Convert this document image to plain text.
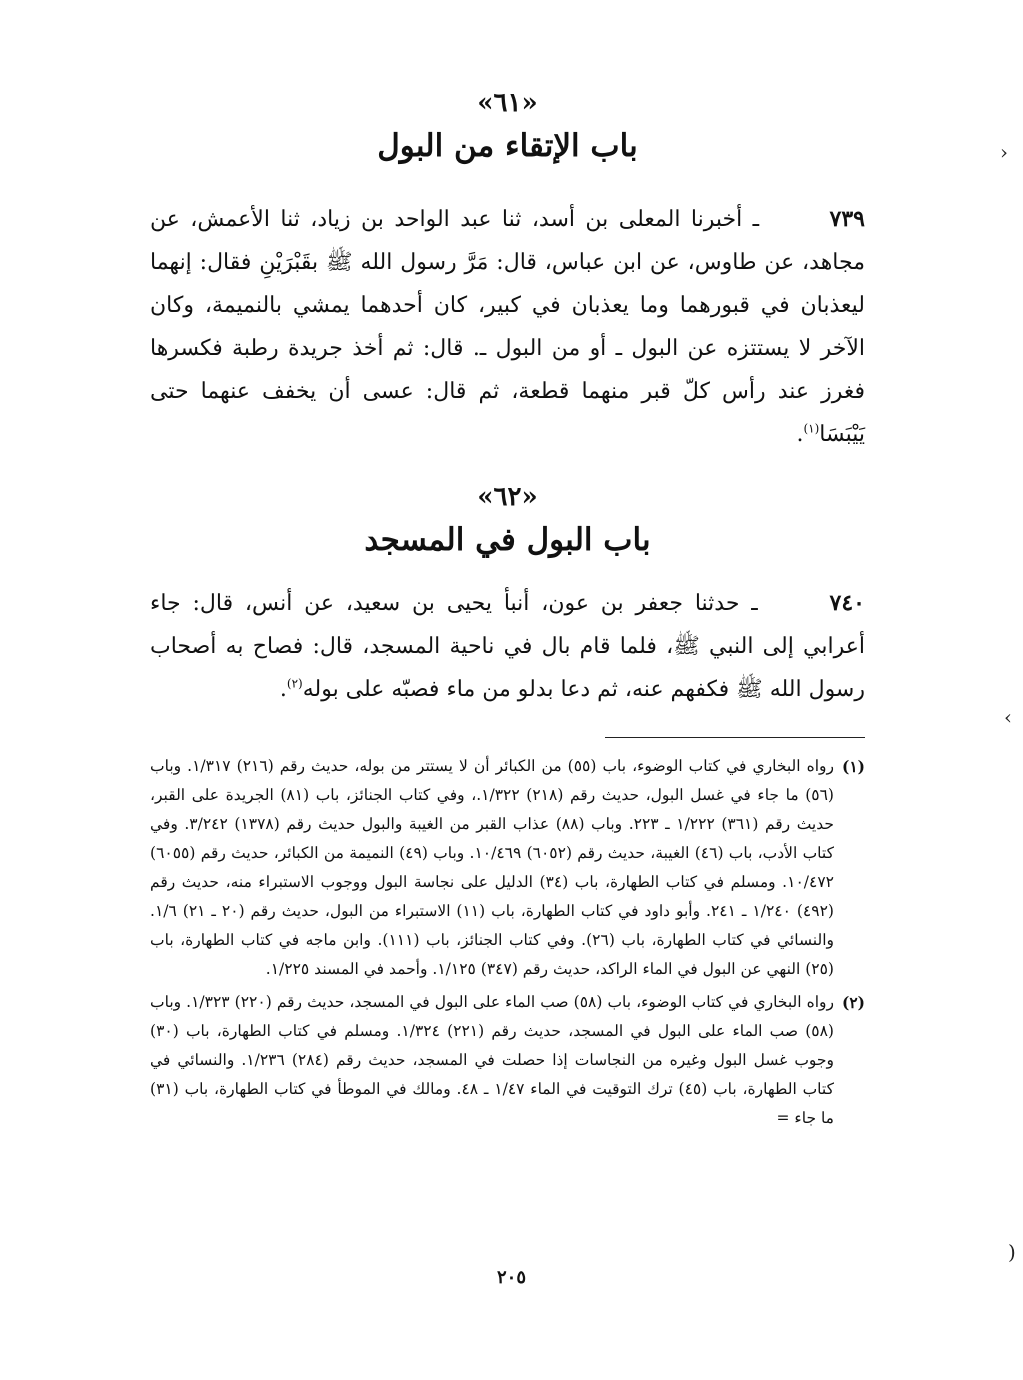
«٦١»
باب الإتقاء من البول

٧٣٩ ـ أخبرنا المعلى بن أسد، ثنا عبد الواحد بن زياد، ثنا الأعمش، عن مجاهد، عن طاوس، عن ابن عباس، قال: مَرَّ رسول الله ﷺ بقَبْرَيْنِ فقال: إنهما ليعذبان في قبورهما وما يعذبان في كبير، كان أحدهما يمشي بالنميمة، وكان الآخر لا يستتزه عن البول ـ أو من البول ـ. قال: ثم أخذ جريدة رطبة فكسرها فغرز عند رأس كلّ قبر منهما قطعة، ثم قال: عسى أن يخفف عنهما حتى يَيْبَسَا$^{(١)}$.

«٦٢»
باب البول في المسجد

٧٤٠ ـ حدثنا جعفر بن عون، أنبأ يحيى بن سعيد، عن أنس، قال: جاء أعرابي إلى النبي ﷺ، فلما قام بال في ناحية المسجد، قال: فصاح به أصحاب رسول الله ﷺ فكفهم عنه، ثم دعا بدلو من ماء فصبّه على بوله$^{(٢)}$.

(١)
رواه البخاري في كتاب الوضوء، باب (٥٥) من الكبائر أن لا يستتر من بوله، حديث رقم (٢١٦) ١/٣١٧. وباب (٥٦) ما جاء في غسل البول، حديث رقم (٢١٨) ١/٣٢٢.، وفي كتاب الجنائز، باب (٨١) الجريدة على القبر، حديث رقم (٣٦١) ١/٢٢٢ ـ ٢٢٣. وباب (٨٨) عذاب القبر من الغيبة والبول حديث رقم (١٣٧٨) ٣/٢٤٢. وفي كتاب الأدب، باب (٤٦) الغيبة، حديث رقم (٦٠٥٢) ١٠/٤٦٩. وباب (٤٩) النميمة من الكبائر، حديث رقم (٦٠٥٥) ١٠/٤٧٢. ومسلم في كتاب الطهارة، باب (٣٤) الدليل على نجاسة البول ووجوب الاستبراء منه، حديث رقم (٤٩٢) ١/٢٤٠ ـ ٢٤١. وأبو داود في كتاب الطهارة، باب (١١) الاستبراء من البول، حديث رقم (٢٠ ـ ٢١) ١/٦. والنسائي في كتاب الطهارة، باب (٢٦). وفي كتاب الجنائز، باب (١١١). وابن ماجه في كتاب الطهارة، باب (٢٥) النهي عن البول في الماء الراكد، حديث رقم (٣٤٧) ١/١٢٥. وأحمد في المسند ١/٢٢٥.
(٢)
رواه البخاري في كتاب الوضوء، باب (٥٨) صب الماء على البول في المسجد، حديث رقم (٢٢٠) ١/٣٢٣. وباب (٥٨) صب الماء على البول في المسجد، حديث رقم (٢٢١) ١/٣٢٤. ومسلم في كتاب الطهارة، باب (٣٠) وجوب غسل البول وغيره من النجاسات إذا حصلت في المسجد، حديث رقم (٢٨٤) ١/٢٣٦. والنسائي في كتاب الطهارة، باب (٤٥) ترك التوقيت في الماء ١/٤٧ ـ ٤٨. ومالك في الموطأ في كتاب الطهارة، باب (٣١) ما جاء =
٢٠٥
›
‹
)
